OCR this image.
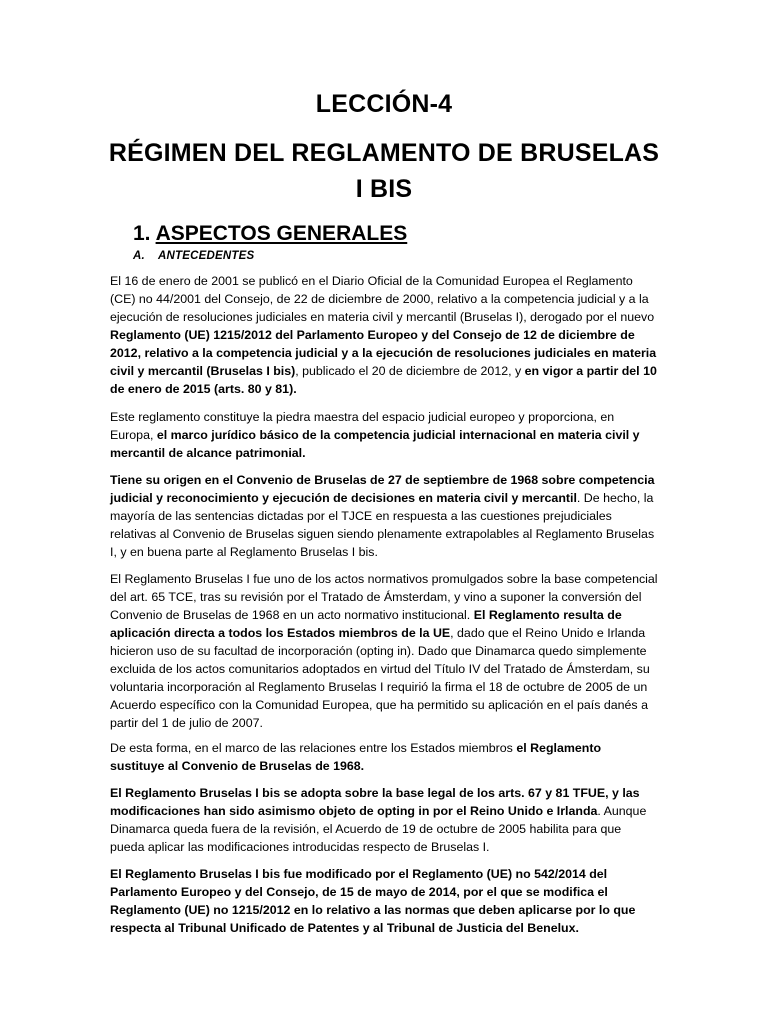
LECCIÓN-4
RÉGIMEN DEL REGLAMENTO DE BRUSELAS
I BIS
1. ASPECTOS GENERALES
A. ANTECEDENTES

El 16 de enero de 2001 se publicó en el Diario Oficial de la Comunidad Europea el Reglamento (CE) no 44/2001 del Consejo, de 22 de diciembre de 2000, relativo a la competencia judicial y a la ejecución de resoluciones judiciales en materia civil y mercantil (Bruselas I), derogado por el nuevo Reglamento (UE) 1215/2012 del Parlamento Europeo y del Consejo de 12 de diciembre de 2012, relativo a la competencia judicial y a la ejecución de resoluciones judiciales en materia civil y mercantil (Bruselas I bis), publicado el 20 de diciembre de 2012, y en vigor a partir del 10 de enero de 2015 (arts. 80 y 81).

Este reglamento constituye la piedra maestra del espacio judicial europeo y proporciona, en Europa, el marco jurídico básico de la competencia judicial internacional en materia civil y mercantil de alcance patrimonial.

Tiene su origen en el Convenio de Bruselas de 27 de septiembre de 1968 sobre competencia judicial y reconocimiento y ejecución de decisiones en materia civil y mercantil. De hecho, la mayoría de las sentencias dictadas por el TJCE en respuesta a las cuestiones prejudiciales relativas al Convenio de Bruselas siguen siendo plenamente extrapolables al Reglamento Bruselas I, y en buena parte al Reglamento Bruselas I bis.

El Reglamento Bruselas I fue uno de los actos normativos promulgados sobre la base competencial del art. 65 TCE, tras su revisión por el Tratado de Ámsterdam, y vino a suponer la conversión del Convenio de Bruselas de 1968 en un acto normativo institucional. El Reglamento resulta de aplicación directa a todos los Estados miembros de la UE, dado que el Reino Unido e Irlanda hicieron uso de su facultad de incorporación (opting in). Dado que Dinamarca quedo simplemente excluida de los actos comunitarios adoptados en virtud del Título IV del Tratado de Ámsterdam, su voluntaria incorporación al Reglamento Bruselas I requirió la firma el 18 de octubre de 2005 de un Acuerdo específico con la Comunidad Europea, que ha permitido su aplicación en el país danés a partir del 1 de julio de 2007.

De esta forma, en el marco de las relaciones entre los Estados miembros el Reglamento sustituye al Convenio de Bruselas de 1968.

El Reglamento Bruselas I bis se adopta sobre la base legal de los arts. 67 y 81 TFUE, y las modificaciones han sido asimismo objeto de opting in por el Reino Unido e Irlanda. Aunque Dinamarca queda fuera de la revisión, el Acuerdo de 19 de octubre de 2005 habilita para que pueda aplicar las modificaciones introducidas respecto de Bruselas I.

El Reglamento Bruselas I bis fue modificado por el Reglamento (UE) no 542/2014 del Parlamento Europeo y del Consejo, de 15 de mayo de 2014, por el que se modifica el Reglamento (UE) no 1215/2012 en lo relativo a las normas que deben aplicarse por lo que respecta al Tribunal Unificado de Patentes y al Tribunal de Justicia del Benelux.
